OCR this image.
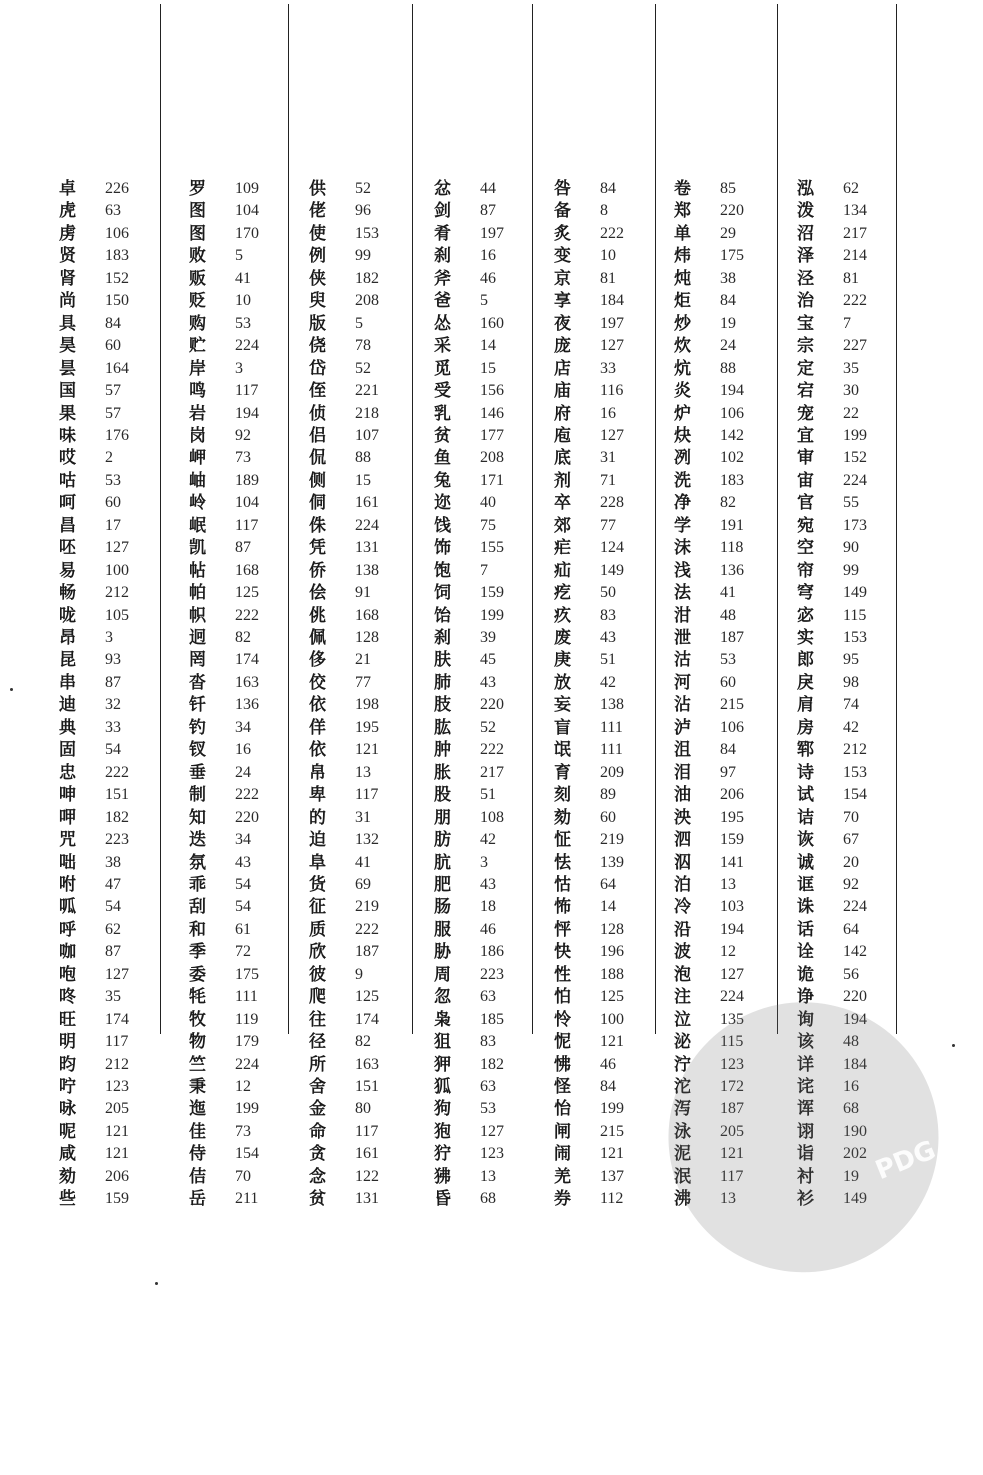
卓 226
虎 63
虏 106
贤 183
肾 152
尚 150
具 84
昊 60
昙 164
国 57
果 57
味 176
哎 2
咕 53
呵 60
昌 17
呸 127
易 100
畅 212
咙 105
昂 3
昆 93
串 87
迪 32
典 33
固 54
忠 222
呻 151
呷 182
咒 223
咄 38
咐 47
呱 54
呼 62
咖 87
咆 127
咚 35
旺 174
明 117
昀 212
咛 123
咏 205
呢 121
咸 121
劾 206
些 159
罗 109
图 104
图 170
败 5
贩 41
贬 10
购 53
贮 224
岸 3
鸣 117
岩 194
岗 92
岬 73
岫 189
岭 104
岷 117
凯 87
帖 168
帕 125
帜 222
迥 82
罔 174
沓 163
钎 136
钓 34
钗 16
垂 24
制 222
知 220
迭 34
氛 43
乖 54
刮 54
和 61
季 72
委 175
牦 111
牧 119
物 179
竺 224
秉 12
迤 199
佳 73
侍 154
佶 70
岳 211
供 52
佬 96
使 153
例 99
侠 182
臾 208
版 5
侥 78
岱 52
侄 221
侦 218
侣 107
侃 88
侧 15
侗 161
侏 224
凭 131
侨 138
侩 91
佻 168
佩 128
侈 21
佼 77
依 198
佯 195
依 121
帛 13
卑 117
的 31
迫 132
阜 41
货 69
征 219
质 222
欣 187
彼 9
爬 125
往 174
径 82
所 163
舍 151
金 80
命 117
贪 161
念 122
贫 131
忿 44
剑 87
肴 197
刹 16
斧 46
爸 5
怂 160
采 14
觅 15
受 156
乳 146
贫 177
鱼 208
兔 171
迩 40
饯 75
饰 155
饱 7
饲 159
饴 199
刹 39
肤 45
肺 43
肢 220
肱 52
肿 222
胀 217
股 51
朋 108
肪 42
肮 3
肥 43
肠 18
服 46
胁 186
周 223
忽 63
枭 185
狙 83
狎 182
狐 63
狗 53
狍 127
狞 123
狒 13
昏 68
咎 84
备 8
炙 222
变 10
京 81
享 184
夜 197
庞 127
店 33
庙 116
府 16
庖 127
底 31
剂 71
卒 228
郊 77
疟 124
疝 149
疙 50
疚 83
废 43
庚 51
放 42
妄 138
盲 111
氓 111
育 209
刻 89
劾 60
怔 219
怯 139
怙 64
怖 14
怦 128
快 196
性 188
怕 125
怜 100
怩 121
怫 46
怪 84
怡 199
闸 215
闹 121
羌 137
券 112
卷 85
郑 220
单 29
炜 175
炖 38
炬 84
炒 19
炊 24
炕 88
炎 194
炉 106
炔 142
冽 102
洗 183
净 82
学 191
沫 118
浅 136
法 41
泔 48
泄 187
沽 53
河 60
沾 215
泸 106
沮 84
泪 97
油 206
泱 195
泗 159
泅 141
泊 13
冷 103
沿 194
波 12
泡 127
注 224
泣 135
泌 115
泞 123
沱 172
泻 187
泳 205
泥 121
泯 117
沸 13
泓 62
泼 134
沼 217
泽 214
泾 81
治 222
宝 7
宗 227
定 35
宕 30
宠 22
宜 199
审 152
宙 224
官 55
宛 173
空 90
帘 99
穹 149
宓 115
实 153
郎 95
戾 98
肩 74
房 42
郓 212
诗 153
试 154
诘 70
诙 67
诚 20
诓 92
诛 224
话 64
诠 142
诡 56
诤 220
询 194
该 48
详 184
诧 16
诨 68
诩 190
诣 202
衬 19
衫 149
PDG
